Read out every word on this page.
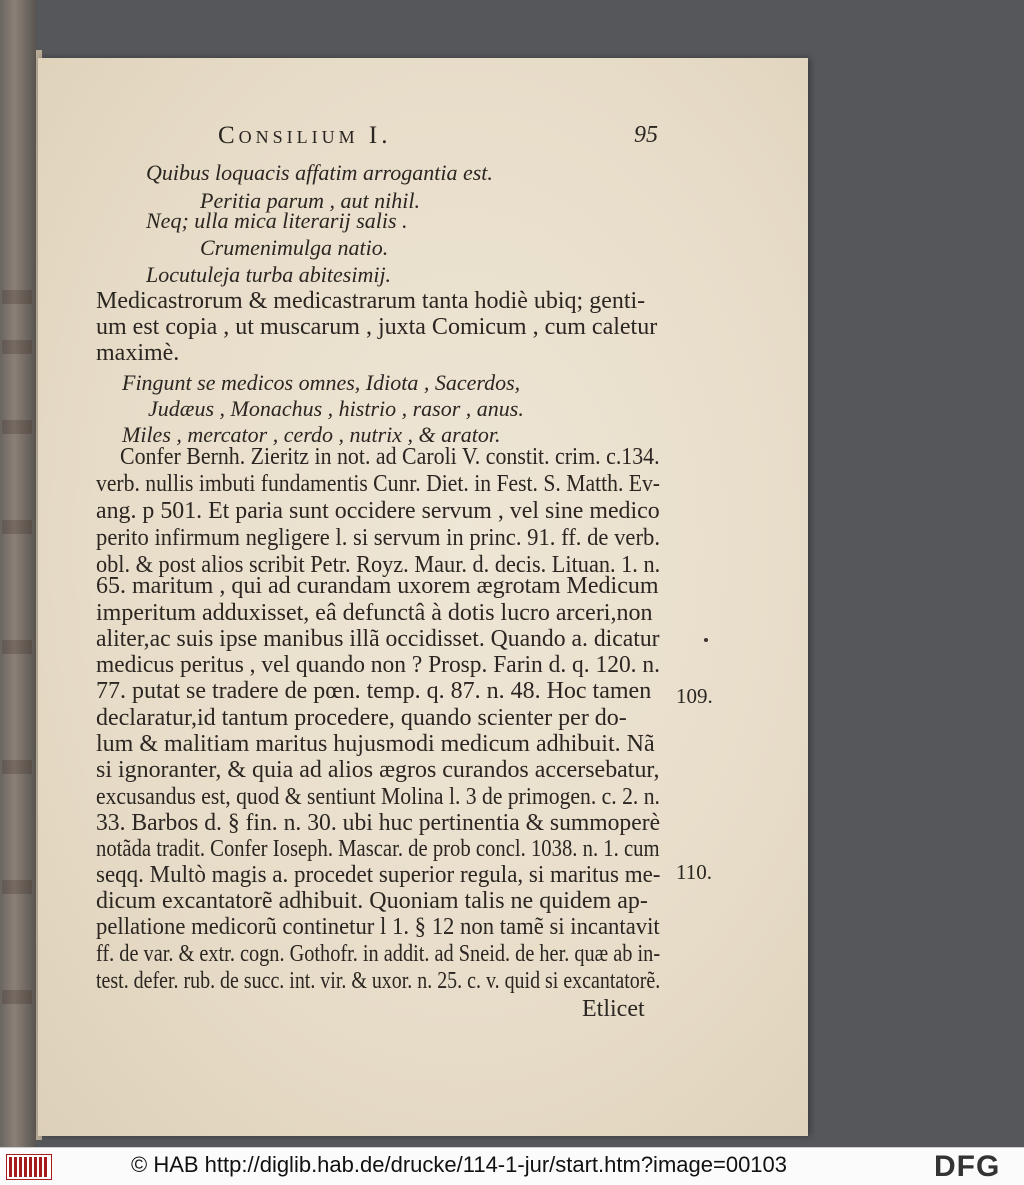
Consilium I.	95
Quibus loquacis affatim arrogantia est.
Peritia parum , aut nihil.
Neq; ulla mica literarij salis .
Crumenimulga natio.
Locutuleja turba abitesimij.
Medicastrorum & medicastrarum tanta hodiè ubiq; genti-
um est copia , ut muscarum , juxta Comicum , cum caletur
maximè.
Fingunt se medicos omnes, Idiota , Sacerdos,
Judæus , Monachus , histrio , rasor , anus.
Miles , mercator , cerdo , nutrix , & arator.
Confer Bernh. Zieritz in not. ad Caroli V. constit. crim. c.134.
verb. nullis imbuti fundamentis Cunr. Diet. in Fest. S. Matth. Ev-
ang. p 501. Et paria sunt occidere servum , vel sine medico
perito infirmum negligere l. si servum in princ. 91. ff. de verb.
obl. & post alios scribit Petr. Royz. Maur. d. decis. Lituan. 1. n.
65. maritum , qui ad curandam uxorem ægrotam Medicum
imperitum adduxisset, eâ defunctâ à dotis lucro arceri,non
aliter,ac suis ipse manibus illã occidisset. Quando a. dicatur
medicus peritus , vel quando non ? Prosp. Farin d. q. 120. n.
77. putat se tradere de pœn. temp. q. 87. n. 48. Hoc tamen
declaratur,id tantum procedere, quando scienter per do-
lum & malitiam maritus hujusmodi medicum adhibuit. Nã
si ignoranter, & quia ad alios ægros curandos accersebatur,
excusandus est, quod & sentiunt Molina l. 3 de primogen. c. 2. n.
33. Barbos d. § fin. n. 30. ubi huc pertinentia & summoperè
notãda tradit. Confer Ioseph. Mascar. de prob concl. 1038. n. 1. cum
seqq. Multò magis a. procedet superior regula, si maritus me-
dicum excantatorẽ adhibuit. Quoniam talis ne quidem ap-
pellatione medicorũ continetur l 1. § 12 non tamẽ si incantavit
ff. de var. & extr. cogn. Gothofr. in addit. ad Sneid. de her. quæ ab in-
test. defer. rub. de succ. int. vir. & uxor. n. 25. c. v. quid si excantatorẽ.
Etlicet
109.
110.
© HAB http://diglib.hab.de/drucke/114-1-jur/start.htm?image=00103	DFG
